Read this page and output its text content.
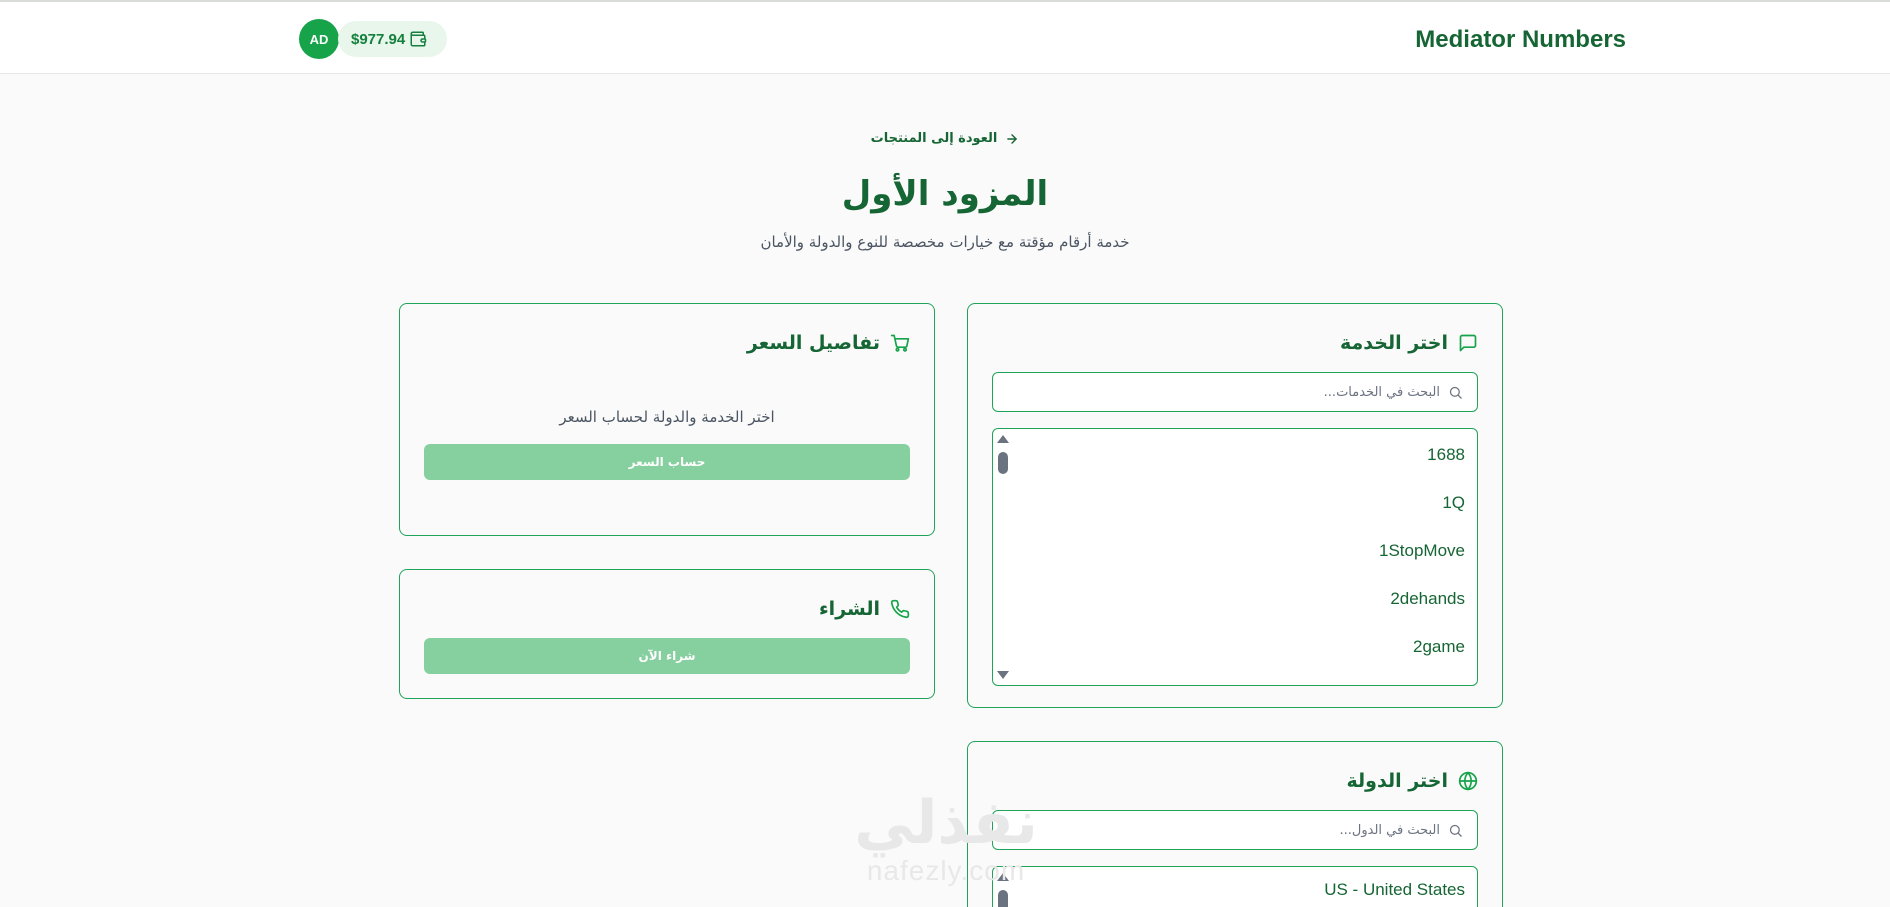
AD	$977.94	Mediator Numbers
العودة إلى المنتجات
المزود الأول

خدمة أرقام مؤقتة مع خيارات مخصصة للنوع والدولة والأمان

اختر الخدمة
البحث في الخدمات...
1688
1Q
1StopMove
2dehands
2game
اختر الدولة
البحث في الدول...
US - United States
تفاصيل السعر

اختر الخدمة والدولة لحساب السعر

حساب السعر
الشراء
شراء الآن
نفذلي
nafezly.com
